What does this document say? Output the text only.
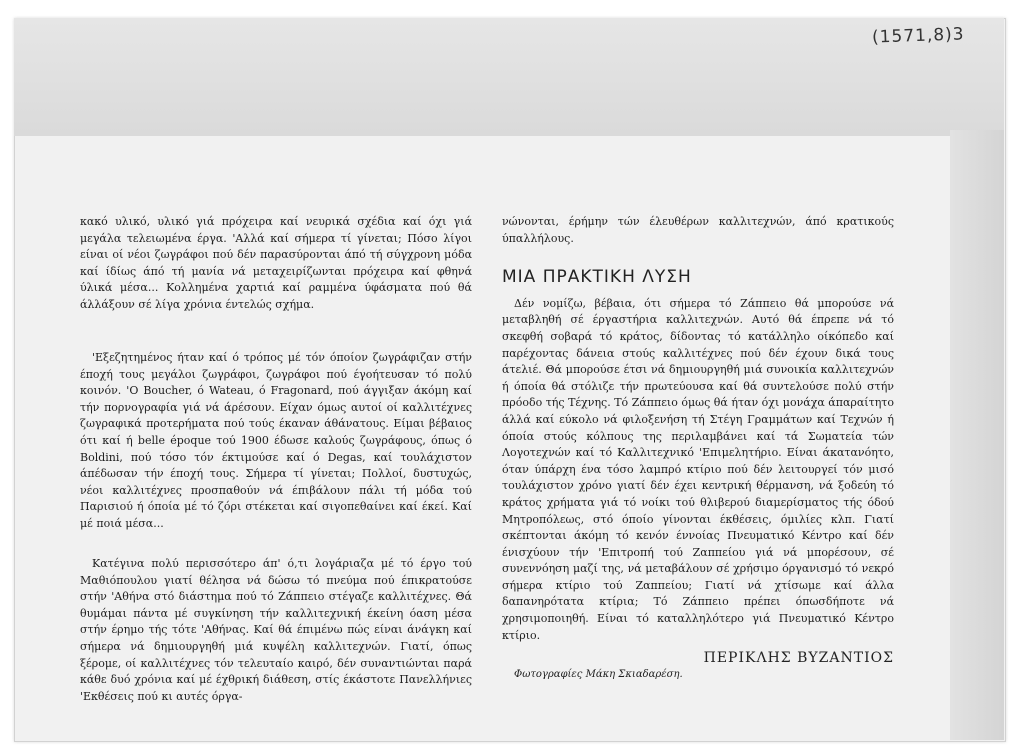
(1571,8)3

κακό υλικό, υλικό γιά πρόχειρα καί νευρικά σχέδια καί όχι γιά μεγάλα τελειωμένα έργα. 'Αλλά καί σήμερα τί γίνεται; Πόσο λίγοι είναι οί νέοι ζωγράφοι πού δέν παρασύρονται άπό τή σύγχρονη μόδα καί ίδίως άπό τή μανία νά μεταχειρίζωνται πρόχειρα καί φθηνά ύλικά μέσα... Κολλημένα χαρτιά καί ραμμένα ύφάσματα πού θά άλλάξουν σέ λίγα χρόνια έντελώς σχήμα.

'Εξεζητημένος ήταν καί ό τρόπος μέ τόν όποίον ζωγράφιζαν στήν έποχή τους μεγάλοι ζωγράφοι, ζωγράφοι πού έγοήτευσαν τό πολύ κοινόν. 'Ο Boucher, ό Wateau, ό Fragonard, πού άγγιξαν άκόμη καί τήν πορνογραφία γιά νά άρέσουν. Είχαν όμως αυτοί οί καλλιτέχνες ζωγραφικά προτερήματα πού τούς έκαναν άθάνατους. Είμαι βέβαιος ότι καί ή belle époque τού 1900 έδωσε καλούς ζωγράφους, όπως ό Boldini, πού τόσο τόν έκτιμούσε καί ό Degas, καί τουλάχιστον άπέδωσαν τήν έποχή τους. Σήμερα τί γίνεται; Πολλοί, δυστυχώς, νέοι καλλιτέχνες προσπαθούν νά έπιβάλουν πάλι τή μόδα τού Παρισιού ή όποία μέ τό ζόρι στέκεται καί σιγοπεθαίνει καί έκεί. Καί μέ ποιά μέσα...

Κατέγινα πολύ περισσότερο άπ' ό,τι λογάριαζα μέ τό έργο τού Μαθιόπουλου γιατί θέλησα νά δώσω τό πνεύμα πού έπικρατούσε στήν 'Αθήνα στό διάστημα πού τό Ζάππειο στέγαζε καλλιτέχνες. Θά θυμάμαι πάντα μέ συγκίνηση τήν καλλιτεχνική έκείνη όαση μέσα στήν έρημο τής τότε 'Αθήνας. Καί θά έπιμένω πώς είναι άνάγκη καί σήμερα νά δημιουργηθή μιά κυψέλη καλλιτεχνών. Γιατί, όπως ξέρομε, οί καλλιτέχνες τόν τελευταίο καιρό, δέν συναντιώνται παρά κάθε δυό χρόνια καί μέ έχθρική διάθεση, στίς έκάστοτε Πανελλήνιες 'Εκθέσεις πού κι αυτές όργα-

νώνονται, έρήμην τών έλευθέρων καλλιτεχνών, άπό κρατικούς ύπαλλήλους.

ΜΙΑ ΠΡΑΚΤΙΚΗ ΛΥΣΗ

Δέν νομίζω, βέβαια, ότι σήμερα τό Ζάππειο θά μπορούσε νά μεταβληθή σέ έργαστήρια καλλιτεχνών. Αυτό θά έπρεπε νά τό σκεφθή σοβαρά τό κράτος, δίδοντας τό κατάλληλο οίκόπεδο καί παρέχοντας δάνεια στούς καλλιτέχνες πού δέν έχουν δικά τους άτελιέ. Θά μπορούσε έτσι νά δημιουργηθή μιά συνοικία καλλιτεχνών ή όποία θά στόλιζε τήν πρωτεύουσα καί θά συντελούσε πολύ στήν πρόοδο τής Τέχνης. Τό Ζάππειο όμως θά ήταν όχι μονάχα άπαραίτητο άλλά καί εύκολο νά φιλοξενήση τή Στέγη Γραμμάτων καί Τεχνών ή όποία στούς κόλπους της περιλαμβάνει καί τά Σωματεία τών Λογοτεχνών καί τό Καλλιτεχνικό 'Επιμελητήριο. Είναι άκατανόητο, όταν ύπάρχη ένα τόσο λαμπρό κτίριο πού δέν λειτουργεί τόν μισό τουλάχιστον χρόνο γιατί δέν έχει κεντρική θέρμανση, νά ξοδεύη τό κράτος χρήματα γιά τό νοίκι τού θλιβερού διαμερίσματος τής όδού Μητροπόλεως, στό όποίο γίνονται έκθέσεις, όμιλίες κλπ. Γιατί σκέπτονται άκόμη τό κενόν έννοίας Πνευματικό Κέντρο καί δέν ένισχύουν τήν 'Επιτροπή τού Ζαππείου γιά νά μπορέσουν, σέ συνεννόηση μαζί της, νά μεταβάλουν σέ χρήσιμο όργανισμό τό νεκρό σήμερα κτίριο τού Ζαππείου; Γιατί νά χτίσωμε καί άλλα δαπανηρότατα κτίρια; Τό Ζάππειο πρέπει όπωσδήποτε νά χρησιμοποιηθή. Είναι τό καταλληλότερο γιά Πνευματικό Κέντρο κτίριο.

ΠΕΡΙΚΛΗΣ ΒΥΖΑΝΤΙΟΣ

Φωτογραφίες Μάκη Σκιαδαρέση.
